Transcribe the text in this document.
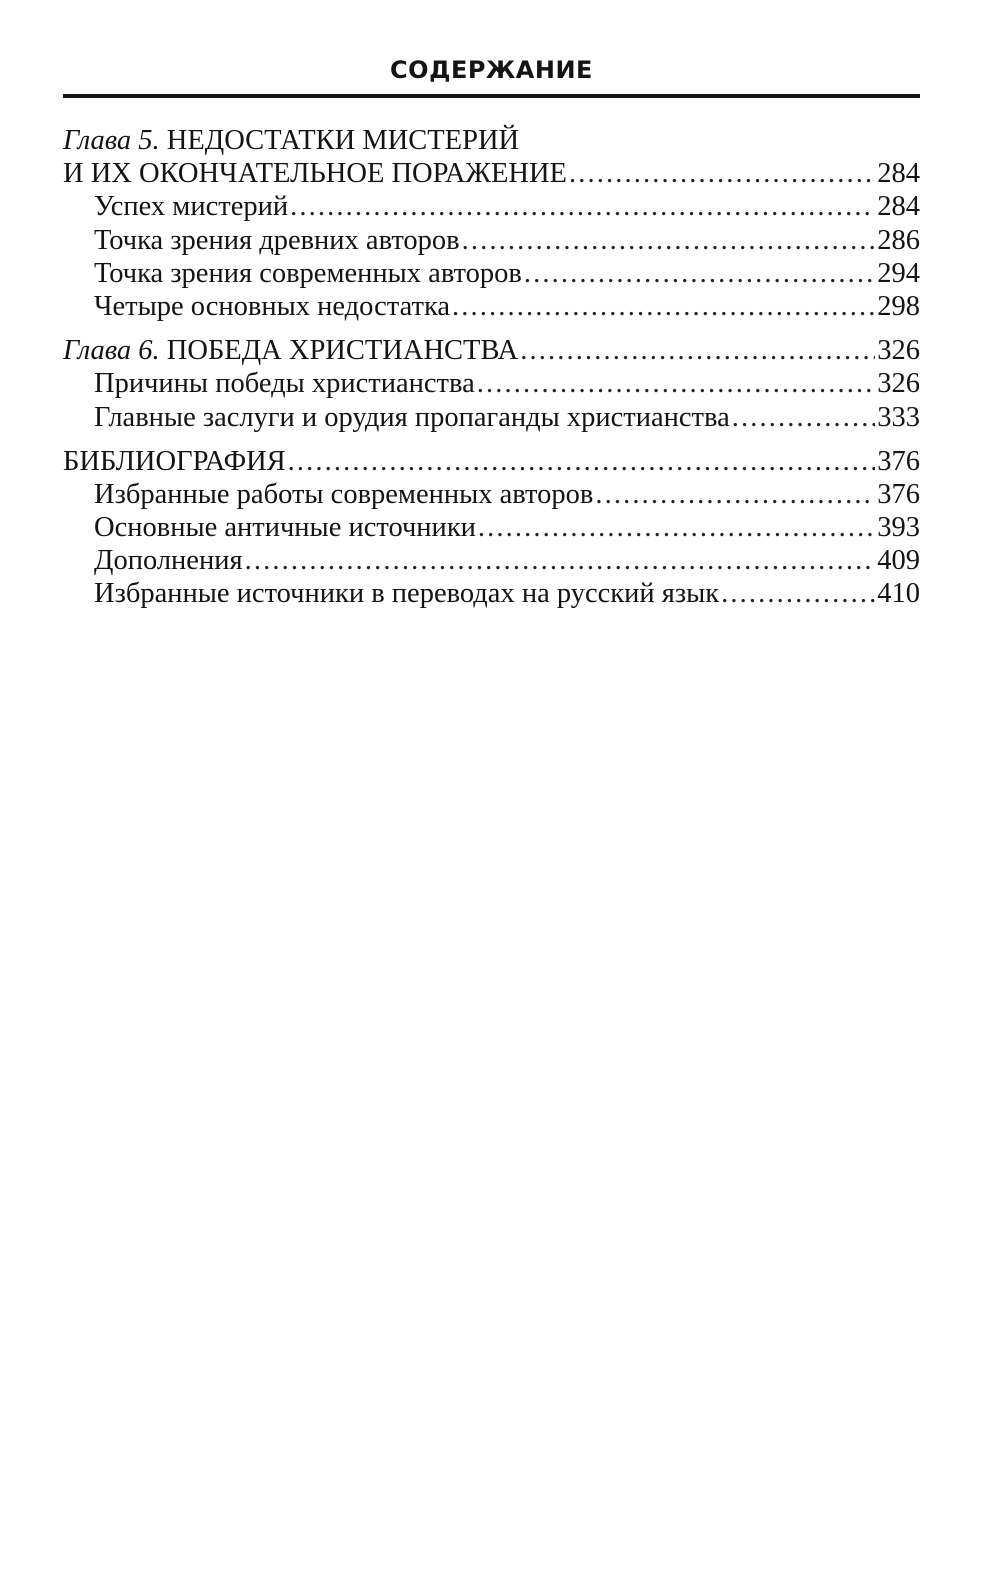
СОДЕРЖАНИЕ
Глава 5. НЕДОСТАТКИ МИСТЕРИЙ
И ИХ ОКОНЧАТЕЛЬНОЕ ПОРАЖЕНИЕ . . .	284
Успех мистерий . . .	284
Точка зрения древних авторов . . .	286
Точка зрения современных авторов . . .	294
Четыре основных недостатка . . .	298
Глава 6. ПОБЕДА ХРИСТИАНСТВА . . .	326
Причины победы христианства . . .	326
Главные заслуги и орудия пропаганды христианства . . .	333
БИБЛИОГРАФИЯ . . .	376
Избранные работы современных авторов . . .	376
Основные античные источники . . .	393
Дополнения . . .	409
Избранные источники в переводах на русский язык . . .	410
